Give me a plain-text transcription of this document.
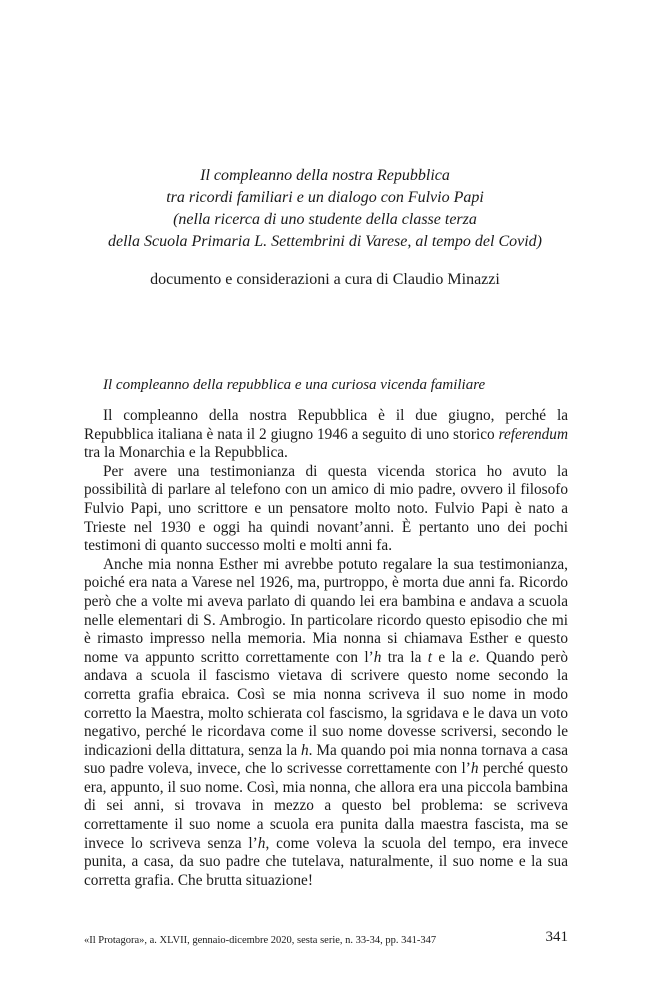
Il compleanno della nostra Repubblica
tra ricordi familiari e un dialogo con Fulvio Papi
(nella ricerca di uno studente della classe terza
della Scuola Primaria L. Settembrini di Varese, al tempo del Covid)
documento e considerazioni a cura di Claudio Minazzi
Il compleanno della repubblica e una curiosa vicenda familiare

Il compleanno della nostra Repubblica è il due giugno, perché la Repubblica italiana è nata il 2 giugno 1946 a seguito di uno storico referendum tra la Monarchia e la Repubblica.

Per avere una testimonianza di questa vicenda storica ho avuto la possibilità di parlare al telefono con un amico di mio padre, ovvero il filosofo Fulvio Papi, uno scrittore e un pensatore molto noto. Fulvio Papi è nato a Trieste nel 1930 e oggi ha quindi novant’anni. È pertanto uno dei pochi testimoni di quanto successo molti e molti anni fa.

Anche mia nonna Esther mi avrebbe potuto regalare la sua testimonianza, poiché era nata a Varese nel 1926, ma, purtroppo, è morta due anni fa. Ricordo però che a volte mi aveva parlato di quando lei era bambina e andava a scuola nelle elementari di S. Ambrogio. In particolare ricordo questo episodio che mi è rimasto impresso nella memoria. Mia nonna si chiamava Esther e questo nome va appunto scritto correttamente con l’h tra la t e la e. Quando però andava a scuola il fascismo vietava di scrivere questo nome secondo la corretta grafia ebraica. Così se mia nonna scriveva il suo nome in modo corretto la Maestra, molto schierata col fascismo, la sgridava e le dava un voto negativo, perché le ricordava come il suo nome dovesse scriversi, secondo le indicazioni della dittatura, senza la h. Ma quando poi mia nonna tornava a casa suo padre voleva, invece, che lo scrivesse correttamente con l’h perché questo era, appunto, il suo nome. Così, mia nonna, che allora era una piccola bambina di sei anni, si trovava in mezzo a questo bel problema: se scriveva correttamente il suo nome a scuola era punita dalla maestra fascista, ma se invece lo scriveva senza l’h, come voleva la scuola del tempo, era invece punita, a casa, da suo padre che tutelava, naturalmente, il suo nome e la sua corretta grafia. Che brutta situazione!

«Il Protagora», a. XLVII, gennaio-dicembre 2020, sesta serie, n. 33-34, pp. 341-347	341
